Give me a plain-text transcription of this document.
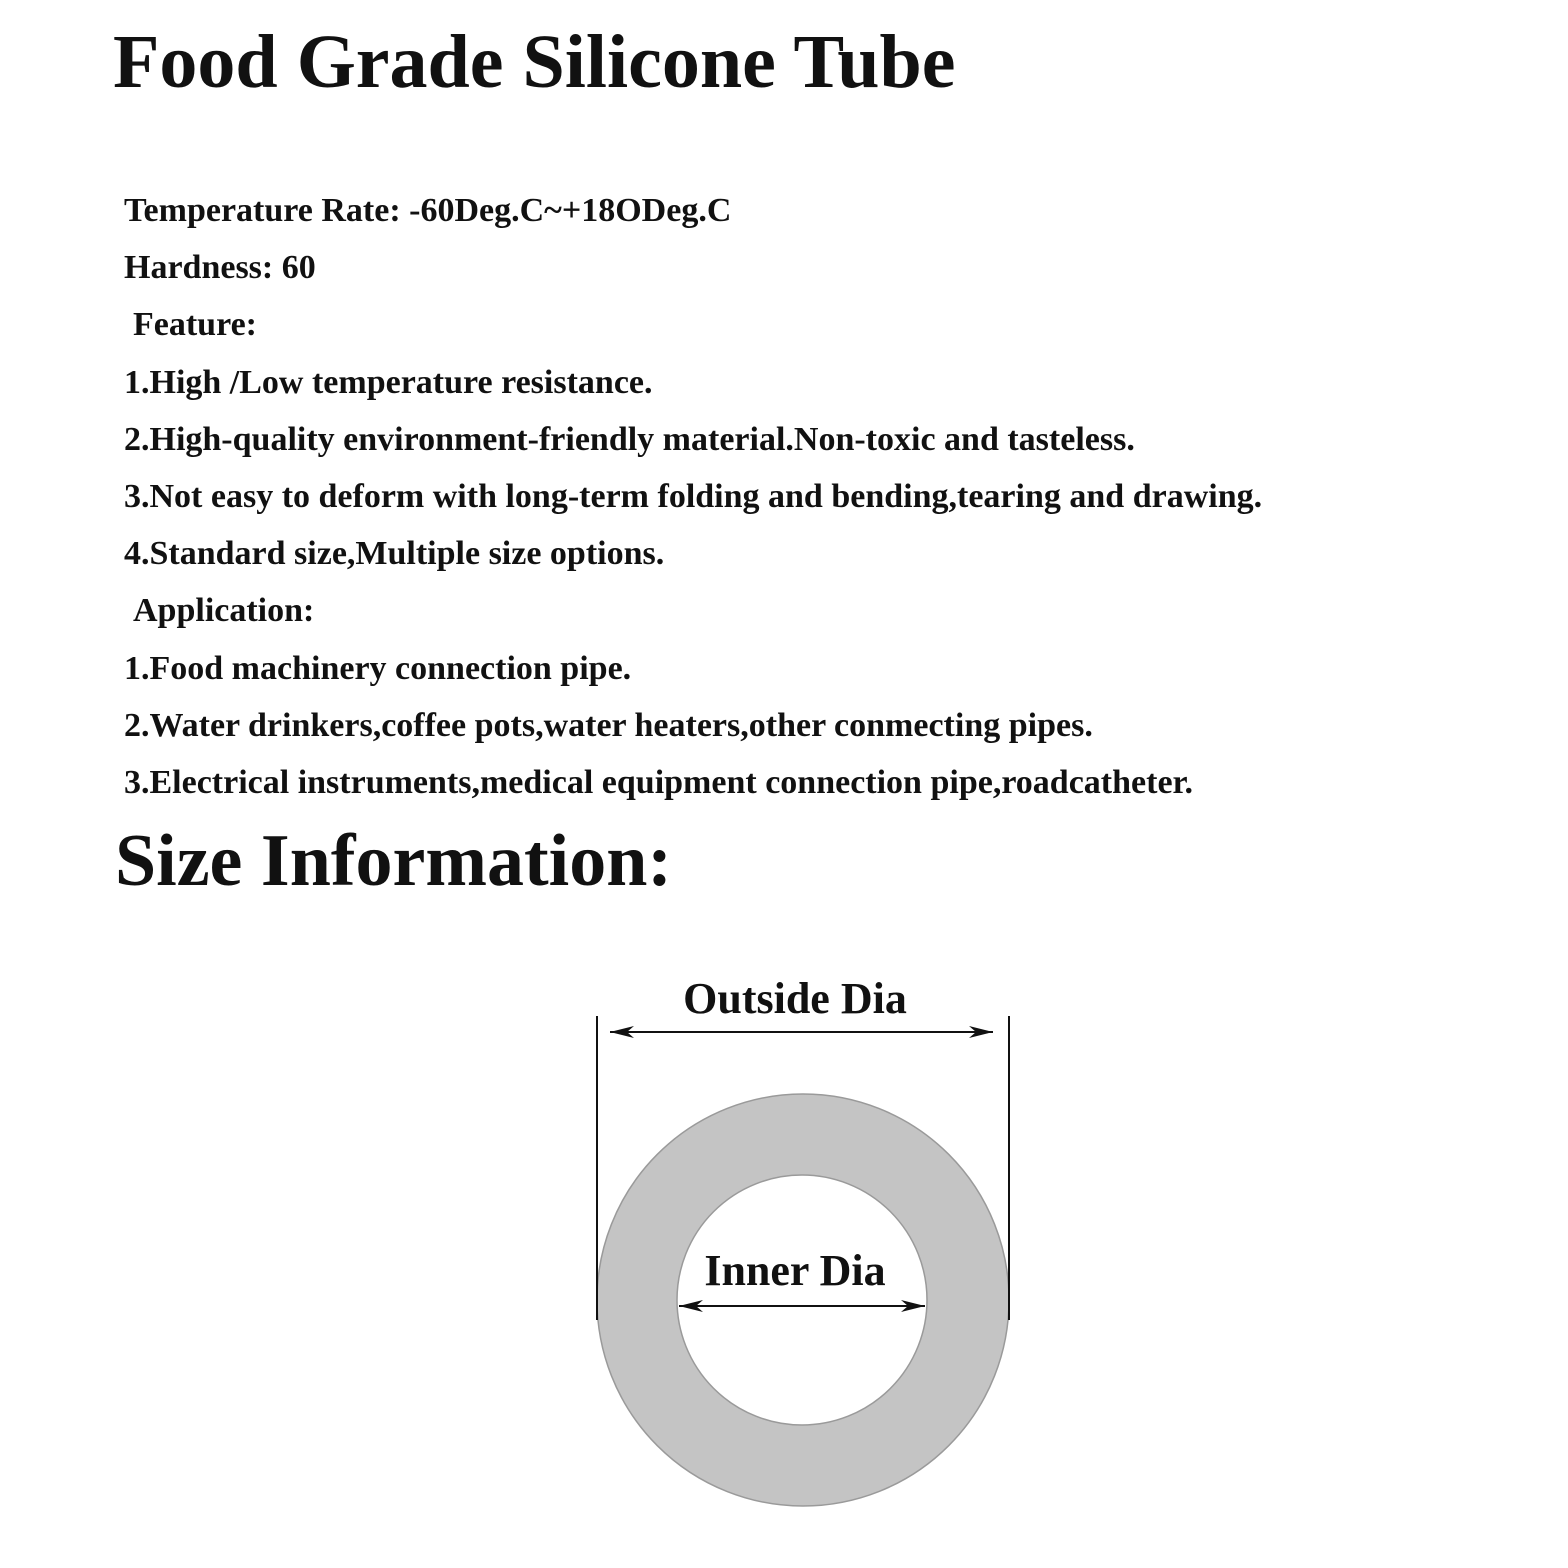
Food Grade Silicone Tube
Temperature Rate: -60Deg.C~+18ODeg.C
Hardness: 60
Feature:
1.High /Low temperature resistance.
2.High-quality environment-friendly material.Non-toxic and tasteless.
3.Not easy to deform with long-term folding and bending,tearing and drawing.
4.Standard size,Multiple size options.
Application:
1.Food machinery connection pipe.
2.Water drinkers,coffee pots,water heaters,other conmecting pipes.
3.Electrical instruments,medical equipment connection pipe,roadcatheter.
Size Information:
Outside Dia
Inner Dia
